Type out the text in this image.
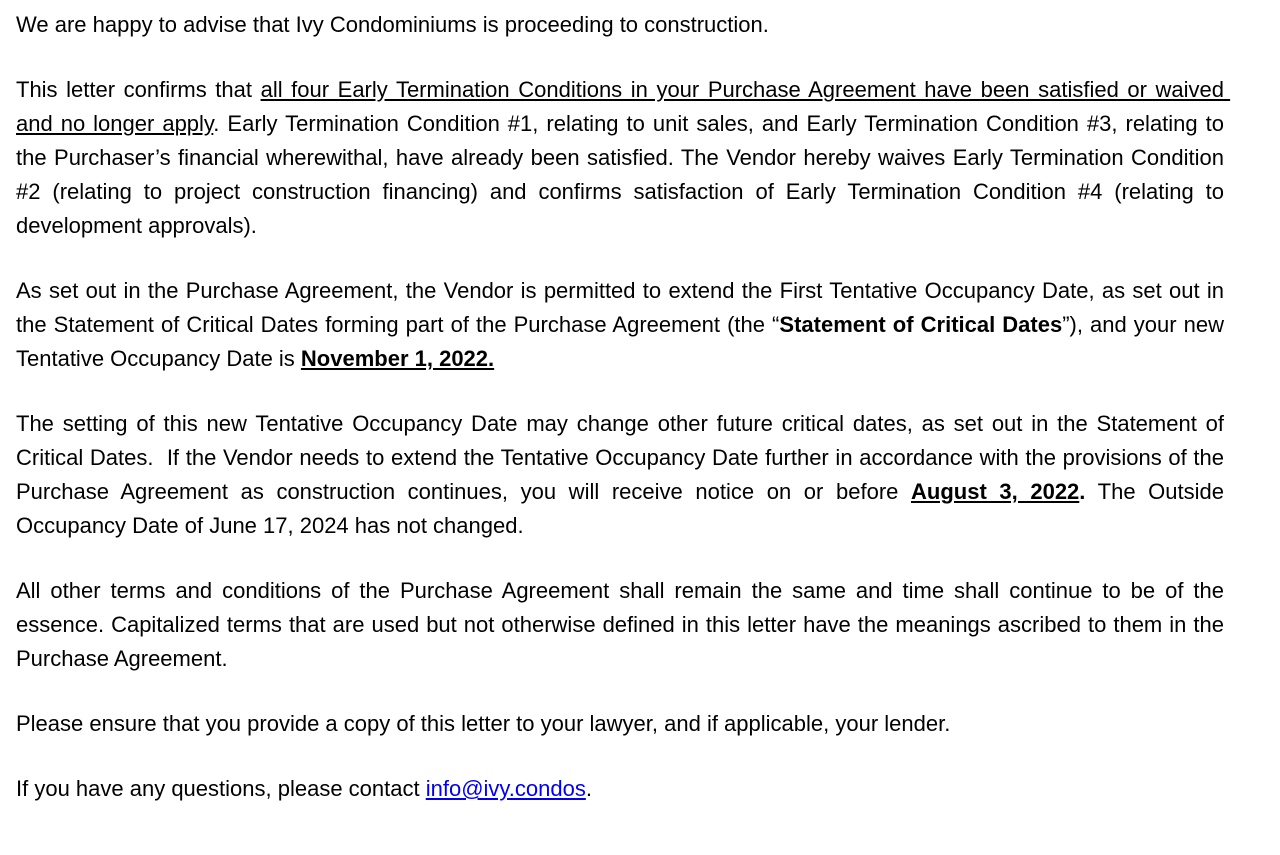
We are happy to advise that Ivy Condominiums is proceeding to construction.

This letter confirms that all four Early Termination Conditions in your Purchase Agreement have been satisfied or waived and no longer apply. Early Termination Condition #1, relating to unit sales, and Early Termination Condition #3, relating to the Purchaser’s financial wherewithal, have already been satisfied. The Vendor hereby waives Early Termination Condition #2 (relating to project construction financing) and confirms satisfaction of Early Termination Condition #4 (relating to development approvals).

As set out in the Purchase Agreement, the Vendor is permitted to extend the First Tentative Occupancy Date, as set out in the Statement of Critical Dates forming part of the Purchase Agreement (the “Statement of Critical Dates”), and your new Tentative Occupancy Date is November 1, 2022.

The setting of this new Tentative Occupancy Date may change other future critical dates, as set out in the Statement of Critical Dates.  If the Vendor needs to extend the Tentative Occupancy Date further in accordance with the provisions of the Purchase Agreement as construction continues, you will receive notice on or before August 3, 2022. The Outside Occupancy Date of June 17, 2024 has not changed.

All other terms and conditions of the Purchase Agreement shall remain the same and time shall continue to be of the essence. Capitalized terms that are used but not otherwise defined in this letter have the meanings ascribed to them in the Purchase Agreement.

Please ensure that you provide a copy of this letter to your lawyer, and if applicable, your lender.

If you have any questions, please contact info@ivy.condos.
